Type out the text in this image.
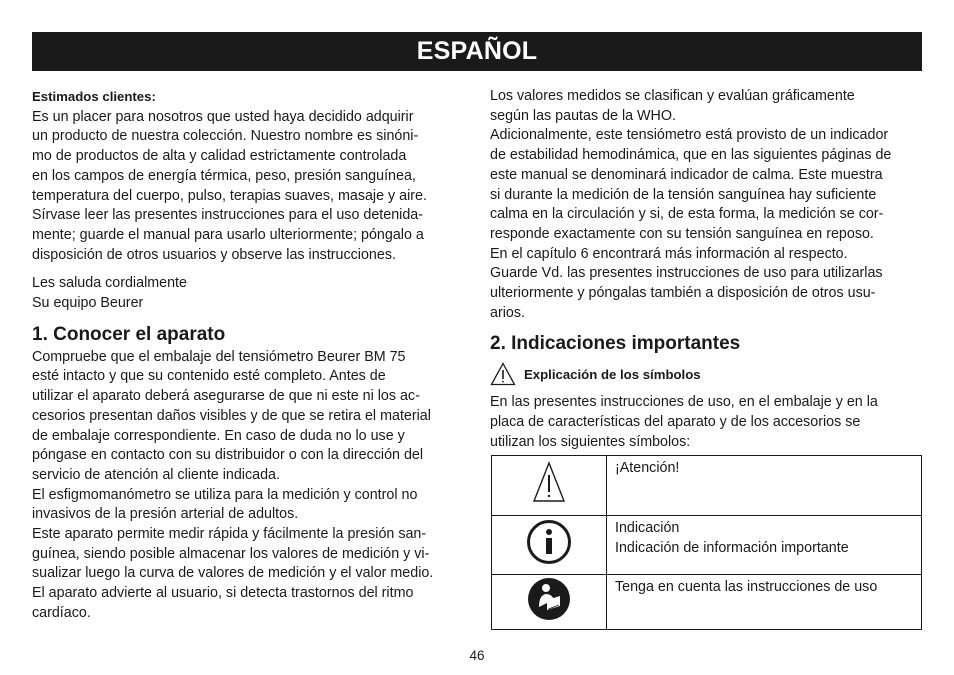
ESPAÑOL
Estimados clientes:
Es un placer para nosotros que usted haya decidido adquirir
un producto de nuestra colección. Nuestro nombre es sinóni-
mo de productos de alta y calidad estrictamente controlada
en los campos de energía térmica, peso, presión sanguínea,
temperatura del cuerpo, pulso, terapias suaves, masaje y aire.
Sírvase leer las presentes instrucciones para el uso detenida-
mente; guarde el manual para usarlo ulteriormente; póngalo a
disposición de otros usuarios y observe las instrucciones.
Les saluda cordialmente
Su equipo Beurer
1. Conocer el aparato
Compruebe que el embalaje del tensiómetro Beurer BM 75
esté intacto y que su contenido esté completo. Antes de
utilizar el aparato deberá asegurarse de que ni este ni los ac-
cesorios presentan daños visibles y de que se retira el material
de embalaje correspondiente. En caso de duda no lo use y
póngase en contacto con su distribuidor o con la dirección del
servicio de atención al cliente indicada.
El esfigmomanómetro se utiliza para la medición y control no
invasivos de la presión arterial de adultos.
Este aparato permite medir rápida y fácilmente la presión san-
guínea, siendo posible almacenar los valores de medición y vi-
sualizar luego la curva de valores de medición y el valor medio.
El aparato advierte al usuario, si detecta trastornos del ritmo
cardíaco.
Los valores medidos se clasifican y evalúan gráficamente
según las pautas de la WHO.
Adicionalmente, este tensiómetro está provisto de un indicador
de estabilidad hemodinámica, que en las siguientes páginas de
este manual se denominará indicador de calma. Este muestra
si durante la medición de la tensión sanguínea hay suficiente
calma en la circulación y si, de esta forma, la medición se cor-
responde exactamente con su tensión sanguínea en reposo.
En el capítulo 6 encontrará más información al respecto.
Guarde Vd. las presentes instrucciones de uso para utilizarlas
ulteriormente y póngalas también a disposición de otros usu-
arios.
2. Indicaciones importantes
Explicación de los símbolos
En las presentes instrucciones de uso, en el embalaje y en la
placa de características del aparato y de los accesorios se
utilizan los siguientes símbolos:

¡Atención!

Indicación
Indicación de información importante

Tenga en cuenta las instrucciones de uso
46
